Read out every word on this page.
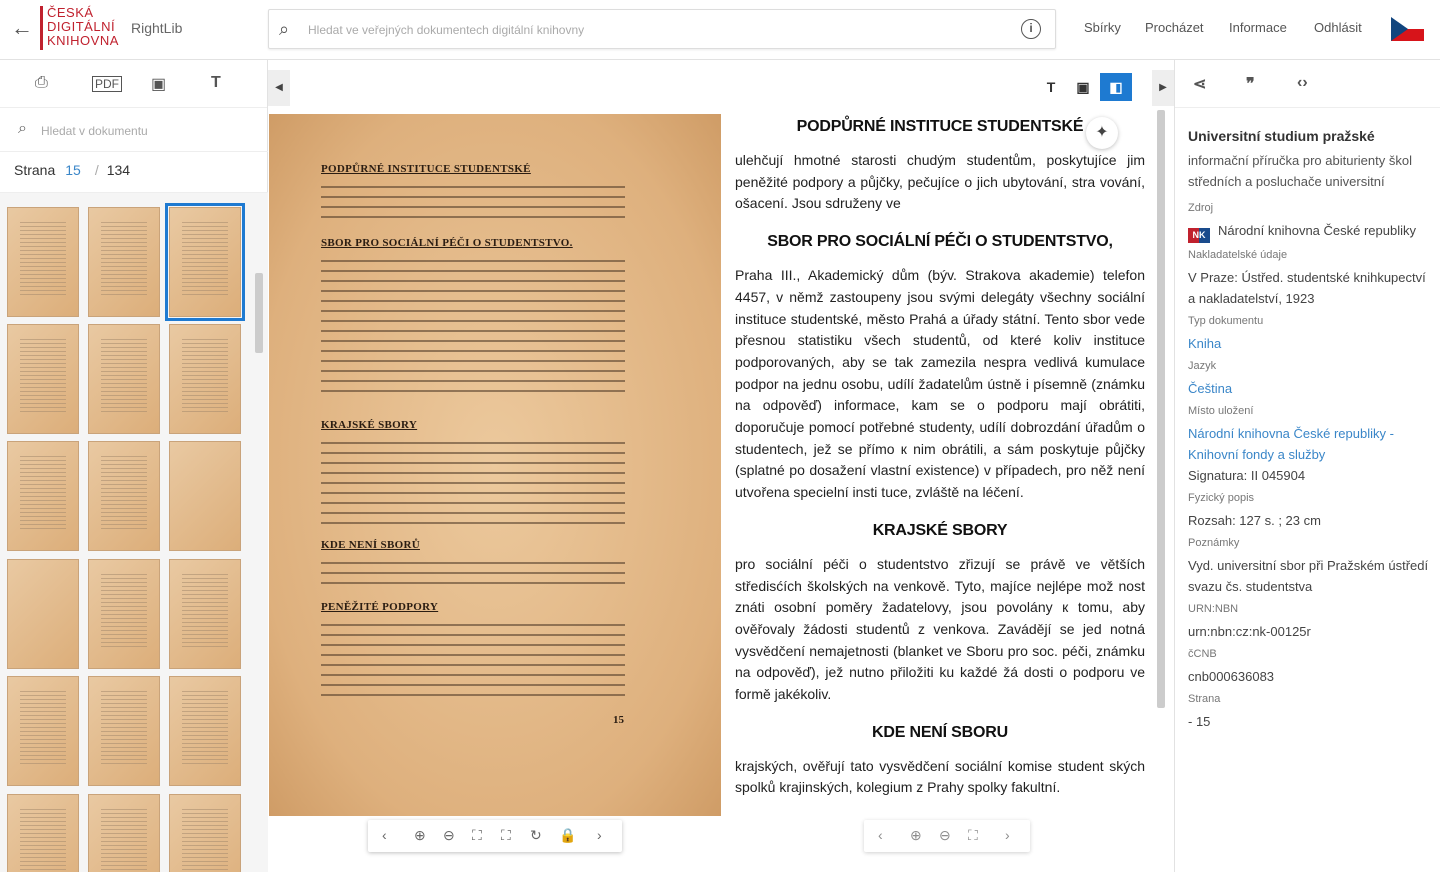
←
ČESKÁ
DIGITÁLNÍ
KNIHOVNA
RightLib	⌕ Hledat ve veřejných dokumentech digitální knihovny	i	Sbírky Procházet Informace Odhlásit
⎙	PDF ▣	T
⌕ Hledat v dokumentu
Strana 15 / 134
◀	T	▣	◧	▶
PODPŮRNÉ INSTITUCE STUDENTSKÉ
SBOR PRO SOCIÁLNÍ PÉČI O STUDENTSTVO.
KRAJSKÉ SBORY
KDE NENÍ SBORŮ
PENĚŽITÉ PODPORY
15
‹ ⊕ ⊖ ⛶ ⛶ ↻ 🔒 ›
PODPŮRNÉ INSTITUCE STUDENTSKÉ

ulehčují hmotné starosti chudým studentům, poskytujíce jim peněžité podpory a půjčky, pečujíce o jich ubytování, stra vování, ošacení. Jsou sdruženy ve

SBOR PRO SOCIÁLNÍ PÉČI O STUDENTSTVO,

Praha III., Akademický dům (býv. Strakova akademie) telefon 4457, v němž zastoupeny jsou svými delegáty všechny sociální instituce studentské, město Prahá a úřady státní. Tento sbor vede přesnou statistiku všech studentů, od které koliv instituce podporovaných, aby se tak zamezila nespra vedlivá kumulace podpor na jednu osobu, udílí žadatelům ústně i písemně (známku na odpověď) informace, kam se o podporu mají obrátiti, doporučuje pomocí potřebné studenty, udílí dobrozdání úřadům o studentech, jež se přímo к nim obrátili, a sám poskytuje půjčky (splatné po dosažení vlastní existence) v případech, pro něž není utvořena specielní insti tuce, zvláště na léčení.

KRAJSKÉ SBORY

pro sociální péči o studentstvo zřizují se právě ve větších středisćích školských na venkově. Tyto, majíce nejlépe mož nost znáti osobní poměry žadatelovy, jsou povolány к tomu, aby ověřovaly žádosti studentů z venkova. Zavádějí se jed notná vysvědčení nemajetnosti (blanket ve Sboru pro soc. péči, známku na odpověď), jež nutno přiložiti ku každé žá dosti o podporu ve formě jakékoliv.

KDE NENÍ SBORU

krajských, ověřují tato vysvědčení sociální komise student ských spolků krajinských, kolegium z Prahy spolky fakultní.

✦
‹ ⊕ ⊖ ⛶ ›
⋖ ❞	‹›
Universitní studium pražské
informační příručka pro abiturienty škol středních a posluchače universitní
Zdroj
NK Národní knihovna České republiky
Nakladatelské údaje
V Praze: Ústřed. studentské knihkupectví a nakladatelství, 1923
Typ dokumentu
Kniha
Jazyk
Čeština
Místo uložení
Národní knihovna České republiky - Knihovní fondy a služby
Signatura: II 045904
Fyzický popis
Rozsah: 127 s. ; 23 cm
Poznámky
Vyd. universitní sbor při Pražském ústředí svazu čs. studentstva
URN:NBN
urn:nbn:cz:nk-00125r
čCNB
cnb000636083
Strana
- 15
